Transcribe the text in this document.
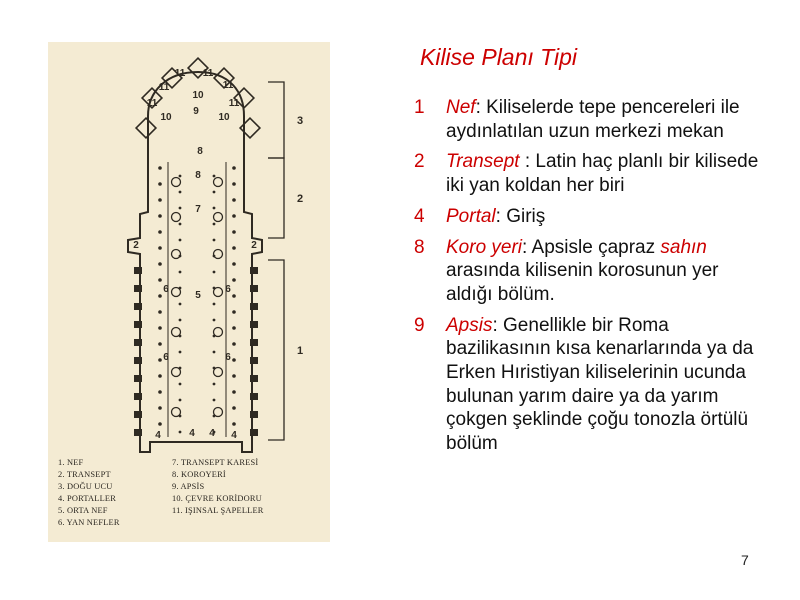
11 11
11
10
11
11	11
9
10	10
8
8
7
2	2
6
5
6
6	6
4	4 4 4
3
2
1
1. NEF
2. TRANSEPT
3. DOĞU UCU
4. PORTALLER
5. ORTA NEF
6. YAN NEFLER
7. TRANSEPT KARESİ
8. KOROYERİ
9. APSİS
10. ÇEVRE KORİDORU
11. IŞINSAL ŞAPELLER
Kilise Planı Tipi
1 Nef: Kiliselerde tepe pencereleri ile aydınlatılan uzun merkezi mekan
2 Transept : Latin haç planlı bir kilisede iki yan koldan her biri
4 Portal: Giriş
8 Koro yeri: Apsisle çapraz sahın arasında kilisenin korosunun yer aldığı bölüm.
9 Apsis: Genellikle bir Roma bazilikasının kısa kenarlarında ya da Erken Hıristiyan kiliselerinin ucunda bulunan yarım daire ya da yarım çokgen şeklinde çoğu tonozla örtülü bölüm
7
